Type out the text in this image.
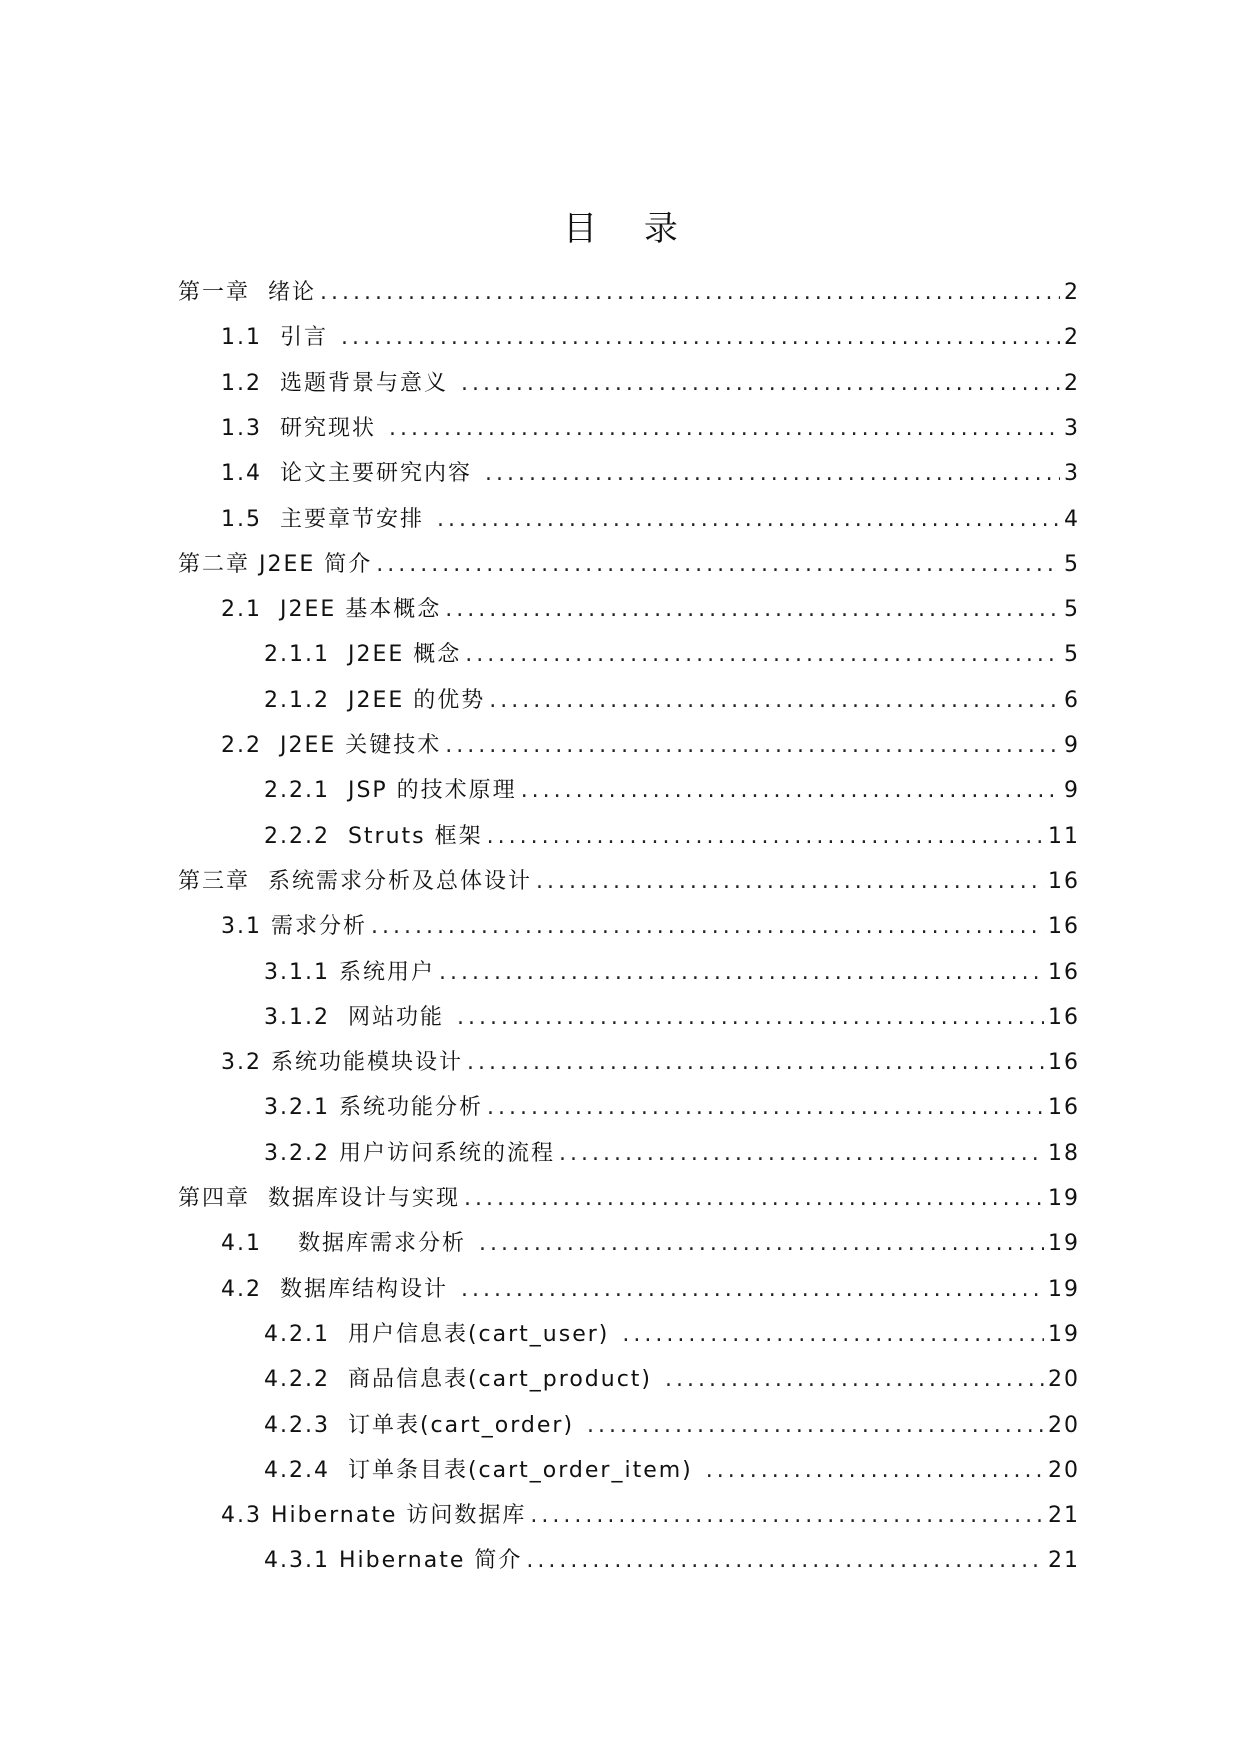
目 录
第一章  绪论 .....	2
1.1  引言 .....	2
1.2  选题背景与意义 .....	2
1.3  研究现状 .....	3
1.4  论文主要研究内容 .....	3
1.5  主要章节安排 .....	4
第二章 J2EE 简介 .....	5
2.1  J2EE 基本概念 .....	5
2.1.1  J2EE 概念 .....	5
2.1.2  J2EE 的优势 .....	6
2.2  J2EE 关键技术 .....	9
2.2.1  JSP 的技术原理 .....	9
2.2.2  Struts 框架 .....	11
第三章  系统需求分析及总体设计 .....	16
3.1 需求分析 .....	16
3.1.1 系统用户 .....	16
3.1.2  网站功能 .....	16
3.2 系统功能模块设计 .....	16
3.2.1 系统功能分析 .....	16
3.2.2 用户访问系统的流程 .....	18
第四章  数据库设计与实现 .....	19
4.1    数据库需求分析 .....	19
4.2  数据库结构设计 .....	19
4.2.1  用户信息表(cart_user) .....	19
4.2.2  商品信息表(cart_product) .....	20
4.2.3  订单表(cart_order) .....	20
4.2.4  订单条目表(cart_order_item) .....	20
4.3 Hibernate 访问数据库 .....	21
4.3.1 Hibernate 简介 .....	21
